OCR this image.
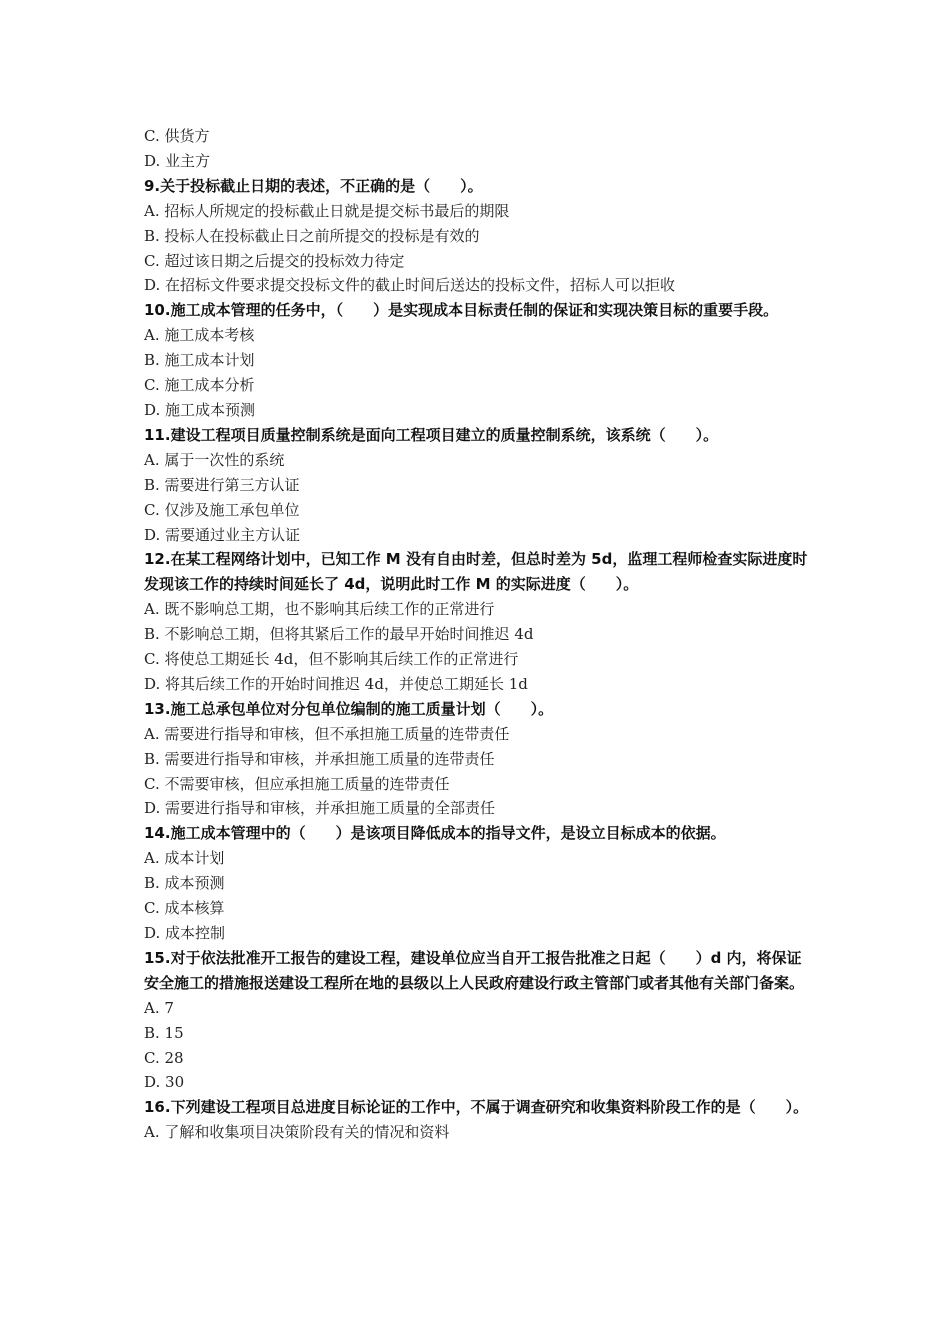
C. 供货方
D. 业主方
9.关于投标截止日期的表述，不正确的是（　　）。
A. 招标人所规定的投标截止日就是提交标书最后的期限
B. 投标人在投标截止日之前所提交的投标是有效的
C. 超过该日期之后提交的投标效力待定
D. 在招标文件要求提交投标文件的截止时间后送达的投标文件，招标人可以拒收
10.施工成本管理的任务中，（　　）是实现成本目标责任制的保证和实现决策目标的重要手段。
A. 施工成本考核
B. 施工成本计划
C. 施工成本分析
D. 施工成本预测
11.建设工程项目质量控制系统是面向工程项目建立的质量控制系统，该系统（　　）。
A. 属于一次性的系统
B. 需要进行第三方认证
C. 仅涉及施工承包单位
D. 需要通过业主方认证
12.在某工程网络计划中，已知工作 M 没有自由时差，但总时差为 5d，监理工程师检查实际进度时发现该工作的持续时间延长了 4d，说明此时工作 M 的实际进度（　　）。
A. 既不影响总工期，也不影响其后续工作的正常进行
B. 不影响总工期，但将其紧后工作的最早开始时间推迟 4d
C. 将使总工期延长 4d，但不影响其后续工作的正常进行
D. 将其后续工作的开始时间推迟 4d，并使总工期延长 1d
13.施工总承包单位对分包单位编制的施工质量计划（　　）。
A. 需要进行指导和审核，但不承担施工质量的连带责任
B. 需要进行指导和审核，并承担施工质量的连带责任
C. 不需要审核，但应承担施工质量的连带责任
D. 需要进行指导和审核，并承担施工质量的全部责任
14.施工成本管理中的（　　）是该项目降低成本的指导文件，是设立目标成本的依据。
A. 成本计划
B. 成本预测
C. 成本核算
D. 成本控制
15.对于依法批准开工报告的建设工程，建设单位应当自开工报告批准之日起（　　）d 内，将保证安全施工的措施报送建设工程所在地的县级以上人民政府建设行政主管部门或者其他有关部门备案。
A. 7
B. 15
C. 28
D. 30
16.下列建设工程项目总进度目标论证的工作中，不属于调查研究和收集资料阶段工作的是（　　）。
A. 了解和收集项目决策阶段有关的情况和资料
